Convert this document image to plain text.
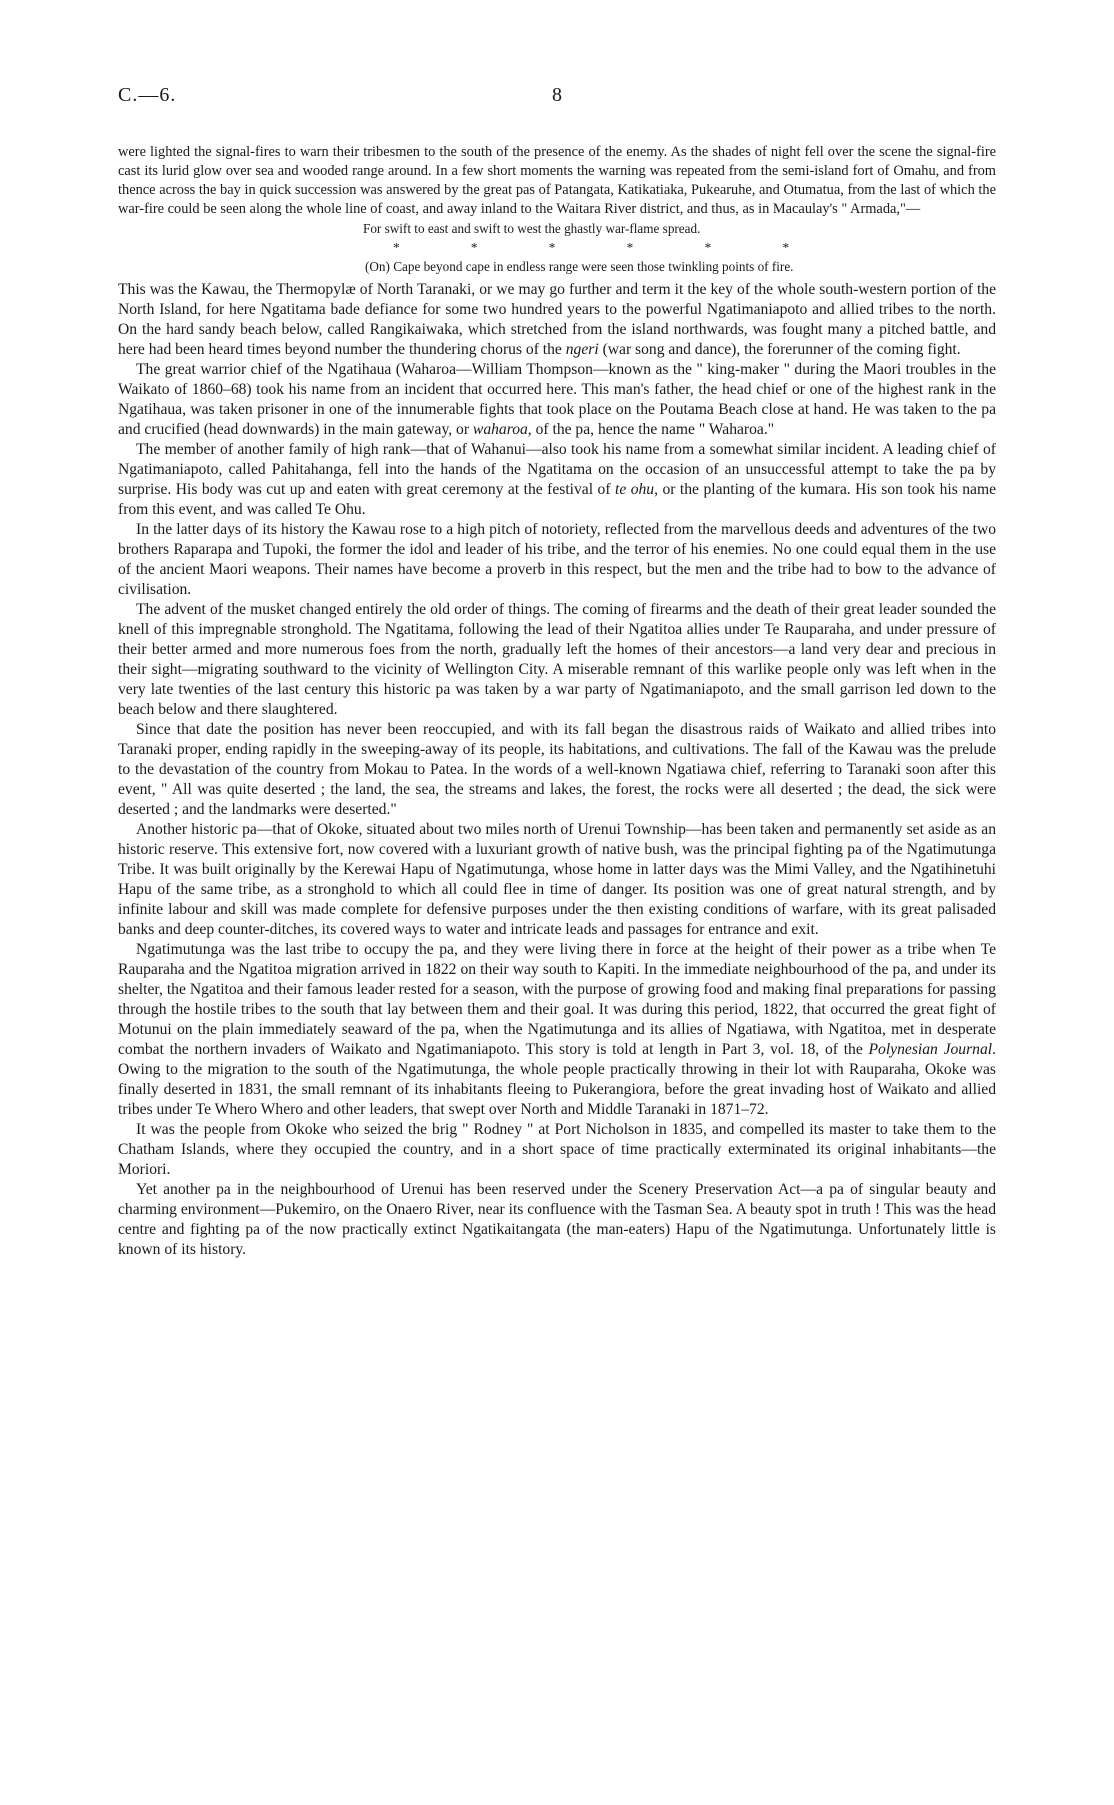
C.—6.	8

were lighted the signal-fires to warn their tribesmen to the south of the presence of the enemy. As the shades of night fell over the scene the signal-fire cast its lurid glow over sea and wooded range around. In a few short moments the warning was repeated from the semi-island fort of Omahu, and from thence across the bay in quick succession was answered by the great pas of Patangata, Katikatiaka, Pukearuhe, and Otumatua, from the last of which the war-fire could be seen along the whole line of coast, and away inland to the Waitara River district, and thus, as in Macaulay's " Armada,"—

For swift to east and swift to west the ghastly war-flame spread.

* * * * * *

(On) Cape beyond cape in endless range were seen those twinkling points of fire.

This was the Kawau, the Thermopylæ of North Taranaki, or we may go further and term it the key of the whole south-western portion of the North Island, for here Ngatitama bade defiance for some two hundred years to the powerful Ngatimaniapoto and allied tribes to the north. On the hard sandy beach below, called Rangikaiwaka, which stretched from the island northwards, was fought many a pitched battle, and here had been heard times beyond number the thundering chorus of the ngeri (war song and dance), the forerunner of the coming fight.

The great warrior chief of the Ngatihaua (Waharoa—William Thompson—known as the " king-maker " during the Maori troubles in the Waikato of 1860–68) took his name from an incident that occurred here. This man's father, the head chief or one of the highest rank in the Ngatihaua, was taken prisoner in one of the innumerable fights that took place on the Poutama Beach close at hand. He was taken to the pa and crucified (head downwards) in the main gateway, or waharoa, of the pa, hence the name " Waharoa."

The member of another family of high rank—that of Wahanui—also took his name from a somewhat similar incident. A leading chief of Ngatimaniapoto, called Pahitahanga, fell into the hands of the Ngatitama on the occasion of an unsuccessful attempt to take the pa by surprise. His body was cut up and eaten with great ceremony at the festival of te ohu, or the planting of the kumara. His son took his name from this event, and was called Te Ohu.

In the latter days of its history the Kawau rose to a high pitch of notoriety, reflected from the marvellous deeds and adventures of the two brothers Raparapa and Tupoki, the former the idol and leader of his tribe, and the terror of his enemies. No one could equal them in the use of the ancient Maori weapons. Their names have become a proverb in this respect, but the men and the tribe had to bow to the advance of civilisation.

The advent of the musket changed entirely the old order of things. The coming of firearms and the death of their great leader sounded the knell of this impregnable stronghold. The Ngatitama, following the lead of their Ngatitoa allies under Te Rauparaha, and under pressure of their better armed and more numerous foes from the north, gradually left the homes of their ancestors—a land very dear and precious in their sight—migrating southward to the vicinity of Wellington City. A miserable remnant of this warlike people only was left when in the very late twenties of the last century this historic pa was taken by a war party of Ngatimaniapoto, and the small garrison led down to the beach below and there slaughtered.

Since that date the position has never been reoccupied, and with its fall began the disastrous raids of Waikato and allied tribes into Taranaki proper, ending rapidly in the sweeping-away of its people, its habitations, and cultivations. The fall of the Kawau was the prelude to the devastation of the country from Mokau to Patea. In the words of a well-known Ngatiawa chief, referring to Taranaki soon after this event, " All was quite deserted ; the land, the sea, the streams and lakes, the forest, the rocks were all deserted ; the dead, the sick were deserted ; and the landmarks were deserted."

Another historic pa—that of Okoke, situated about two miles north of Urenui Township—has been taken and permanently set aside as an historic reserve. This extensive fort, now covered with a luxuriant growth of native bush, was the principal fighting pa of the Ngatimutunga Tribe. It was built originally by the Kerewai Hapu of Ngatimutunga, whose home in latter days was the Mimi Valley, and the Ngatihinetuhi Hapu of the same tribe, as a stronghold to which all could flee in time of danger. Its position was one of great natural strength, and by infinite labour and skill was made complete for defensive purposes under the then existing conditions of warfare, with its great palisaded banks and deep counter-ditches, its covered ways to water and intricate leads and passages for entrance and exit.

Ngatimutunga was the last tribe to occupy the pa, and they were living there in force at the height of their power as a tribe when Te Rauparaha and the Ngatitoa migration arrived in 1822 on their way south to Kapiti. In the immediate neighbourhood of the pa, and under its shelter, the Ngatitoa and their famous leader rested for a season, with the purpose of growing food and making final preparations for passing through the hostile tribes to the south that lay between them and their goal. It was during this period, 1822, that occurred the great fight of Motunui on the plain immediately seaward of the pa, when the Ngatimutunga and its allies of Ngatiawa, with Ngatitoa, met in desperate combat the northern invaders of Waikato and Ngatimaniapoto. This story is told at length in Part 3, vol. 18, of the Polynesian Journal. Owing to the migration to the south of the Ngatimutunga, the whole people practically throwing in their lot with Rauparaha, Okoke was finally deserted in 1831, the small remnant of its inhabitants fleeing to Pukerangiora, before the great invading host of Waikato and allied tribes under Te Whero Whero and other leaders, that swept over North and Middle Taranaki in 1871–72.

It was the people from Okoke who seized the brig " Rodney " at Port Nicholson in 1835, and compelled its master to take them to the Chatham Islands, where they occupied the country, and in a short space of time practically exterminated its original inhabitants—the Moriori.

Yet another pa in the neighbourhood of Urenui has been reserved under the Scenery Preservation Act—a pa of singular beauty and charming environment—Pukemiro, on the Onaero River, near its confluence with the Tasman Sea. A beauty spot in truth ! This was the head centre and fighting pa of the now practically extinct Ngatikaitangata (the man-eaters) Hapu of the Ngatimutunga. Unfortunately little is known of its history.
